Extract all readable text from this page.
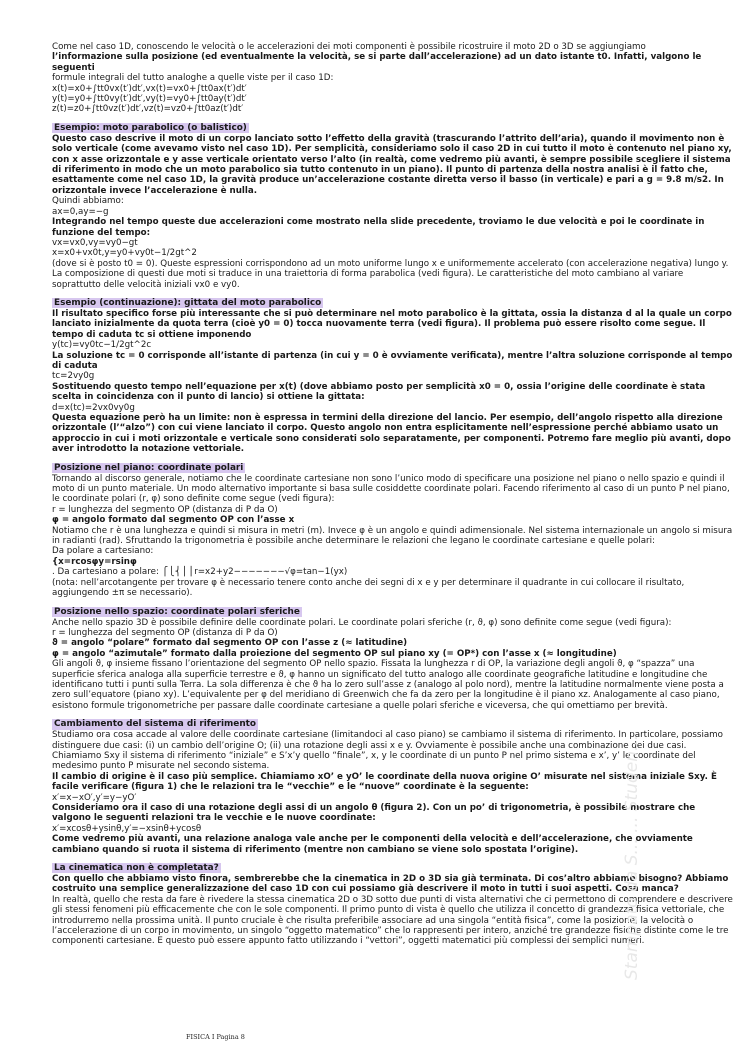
Come nel caso 1D, conoscendo le velocità o le accelerazioni dei moti componenti è possibile ricostruire il moto 2D o 3D se aggiungiamo

l’informazione sulla posizione (ed eventualmente la velocità, se si parte dall’accelerazione) ad un dato istante t0. Infatti, valgono le seguenti

formule integrali del tutto analoghe a quelle viste per il caso 1D:

x(t)=x0+∫tt0vx(t′)dt′,vx(t)=vx0+∫tt0ax(t′)dt′

y(t)=y0+∫tt0vy(t′)dt′,vy(t)=vy0+∫tt0ay(t′)dt′

z(t)=z0+∫tt0vz(t′)dt′,vz(t)=vz0+∫tt0az(t′)dt′

Esempio: moto parabolico (o balistico)

Questo caso descrive il moto di un corpo lanciato sotto l’effetto della gravità (trascurando l’attrito dell’aria), quando il movimento non è solo verticale (come avevamo visto nel caso 1D). Per semplicità, consideriamo solo il caso 2D in cui tutto il moto è contenuto nel piano xy, con x asse orizzontale e y asse verticale orientato verso l’alto (in realtà, come vedremo più avanti, è sempre possibile scegliere il sistema di riferimento in modo che un moto parabolico sia tutto contenuto in un piano). Il punto di partenza della nostra analisi è il fatto che, esattamente come nel caso 1D, la gravità produce un’accelerazione costante diretta verso il basso (in verticale) e pari a g = 9.8 m/s2. In orizzontale invece l’accelerazione è nulla.

Quindi abbiamo:

ax=0,ay=−g

Integrando nel tempo queste due accelerazioni come mostrato nella slide precedente, troviamo le due velocità e poi le coordinate in funzione del tempo:

vx=vx0,vy=vy0−gt

x=x0+vx0t,y=y0+vy0t−1/2gt^2

(dove si è posto t0 = 0). Queste espressioni corrispondono ad un moto uniforme lungo x e uniformemente accelerato (con accelerazione negativa) lungo y. La composizione di questi due moti si traduce in una traiettoria di forma parabolica (vedi figura). Le caratteristiche del moto cambiano al variare soprattutto delle velocità iniziali vx0 e vy0.

Esempio (continuazione): gittata del moto parabolico

Il risultato specifico forse più interessante che si può determinare nel moto parabolico è la gittata, ossia la distanza d al la quale un corpo lanciato inizialmente da quota terra (cioè y0 = 0) tocca nuovamente terra (vedi figura). Il problema può essere risolto come segue. Il tempo di caduta tc si ottiene imponendo

y(tc)=vy0tc−1/2gt^2c

La soluzione tc = 0 corrisponde all’istante di partenza (in cui y = 0 è ovviamente verificata), mentre l’altra soluzione corrisponde al tempo di caduta

tc=2vy0g

Sostituendo questo tempo nell’equazione per x(t) (dove abbiamo posto per semplicità x0 = 0, ossia l’origine delle coordinate è stata scelta in coincidenza con il punto di lancio) si ottiene la gittata:

d=x(tc)=2vx0vy0g

Questa equazione però ha un limite: non è espressa in termini della direzione del lancio. Per esempio, dell’angolo rispetto alla direzione orizzontale (l’“alzo”) con cui viene lanciato il corpo. Questo angolo non entra esplicitamente nell’espressione perché abbiamo usato un approccio in cui i moti orizzontale e verticale sono considerati solo separatamente, per componenti. Potremo fare meglio più avanti, dopo aver introdotto la notazione vettoriale.

Posizione nel piano: coordinate polari

Tornando al discorso generale, notiamo che le coordinate cartesiane non sono l’unico modo di specificare una posizione nel piano o nello spazio e quindi il moto di un punto materiale. Un modo alternativo importante si basa sulle cosiddette coordinate polari. Facendo riferimento al caso di un punto P nel piano, le coordinate polari (r, φ) sono definite come segue (vedi figura):

r = lunghezza del segmento OP (distanza di P da O)

φ = angolo formato dal segmento OP con l’asse x

Notiamo che r è una lunghezza e quindi si misura in metri (m). Invece φ è un angolo e quindi adimensionale. Nel sistema internazionale un angolo si misura in radianti (rad). Sfruttando la trigonometria è possibile anche determinare le relazioni che legano le coordinate cartesiane e quelle polari:

Da polare a cartesiano:

{x=rcosφy=rsinφ

. Da cartesiano a polare: ⎧⎩⎨⎪⎪r=x2+y2−−−−−−−√φ=tan−1(yx)

(nota: nell’arcotangente per trovare φ è necessario tenere conto anche dei segni di x e y per determinare il quadrante in cui collocare il risultato, aggiungendo ±π se necessario).

Posizione nello spazio: coordinate polari sferiche

Anche nello spazio 3D è possibile definire delle coordinate polari. Le coordinate polari sferiche (r, ϑ, φ) sono definite come segue (vedi figura):

r = lunghezza del segmento OP (distanza di P da O)

ϑ = angolo “polare” formato dal segmento OP con l’asse z (≈ latitudine)

φ = angolo “azimutale” formato dalla proiezione del segmento OP sul piano xy (= OP*) con l’asse x (≈ longitudine)

Gli angoli ϑ, φ insieme fissano l’orientazione del segmento OP nello spazio. Fissata la lunghezza r di OP, la variazione degli angoli ϑ, φ “spazza” una superficie sferica analoga alla superficie terrestre e ϑ, φ hanno un significato del tutto analogo alle coordinate geografiche latitudine e longitudine che identificano tutti i punti sulla Terra. La sola differenza è che ϑ ha lo zero sull’asse z (analogo al polo nord), mentre la latitudine normalmente viene posta a zero sull’equatore (piano xy). L’equivalente per φ del meridiano di Greenwich che fa da zero per la longitudine è il piano xz. Analogamente al caso piano, esistono formule trigonometriche per passare dalle coordinate cartesiane a quelle polari sferiche e viceversa, che qui omettiamo per brevità.

Cambiamento del sistema di riferimento

Studiamo ora cosa accade al valore delle coordinate cartesiane (limitandoci al caso piano) se cambiamo il sistema di riferimento. In particolare, possiamo distinguere due casi: (i) un cambio dell’origine O; (ii) una rotazione degli assi x e y. Ovviamente è possibile anche una combinazione dei due casi. Chiamiamo Sxy il sistema di riferimento “iniziale” e S’x’y quello “finale”, x, y le coordinate di un punto P nel primo sistema e x’, y’ le coordinate del medesimo punto P misurate nel secondo sistema.

Il cambio di origine è il caso più semplice. Chiamiamo xO’ e yO’ le coordinate della nuova origine O’ misurate nel sistema iniziale Sxy. È facile verificare (figura 1) che le relazioni tra le “vecchie” e le “nuove” coordinate è la seguente:

x′=x−xO′,y′=y−yO′

Consideriamo ora il caso di una rotazione degli assi di un angolo θ (figura 2). Con un po’ di trigonometria, è possibile mostrare che valgono le seguenti relazioni tra le vecchie e le nuove coordinate:

x′=xcosθ+ysinθ,y′=−xsinθ+ycosθ

Come vedremo più avanti, una relazione analoga vale anche per le componenti della velocità e dell’accelerazione, che ovviamente cambiano quando si ruota il sistema di riferimento (mentre non cambiano se viene solo spostata l’origine).

La cinematica non è completata?

Con quello che abbiamo visto finora, sembrerebbe che la cinematica in 2D o 3D sia già terminata. Di cos’altro abbiamo bisogno? Abbiamo costruito una semplice generalizzazione del caso 1D con cui possiamo già descrivere il moto in tutti i suoi aspetti. Cosa manca?

In realtà, quello che resta da fare è rivedere la stessa cinematica 2D o 3D sotto due punti di vista alternativi che ci permettono di comprendere e descrivere gli stessi fenomeni più efficacemente che con le sole componenti. Il primo punto di vista è quello che utilizza il concetto di grandezza fisica vettoriale, che introdurremo nella prossima unità. Il punto cruciale è che risulta preferibile associare ad una singola “entità fisica”, come la posizione, la velocità o l’accelerazione di un corpo in movimento, un singolo “oggetto matematico” che lo rappresenti per intero, anziché tre grandezze fisiche distinte come le tre componenti cartesiane. E questo può essere appunto fatto utilizzando i “vettori”, oggetti matematici più complessi dei semplici numeri.

Stampato da S... ... Studen...
FISICA I Pagina 8
